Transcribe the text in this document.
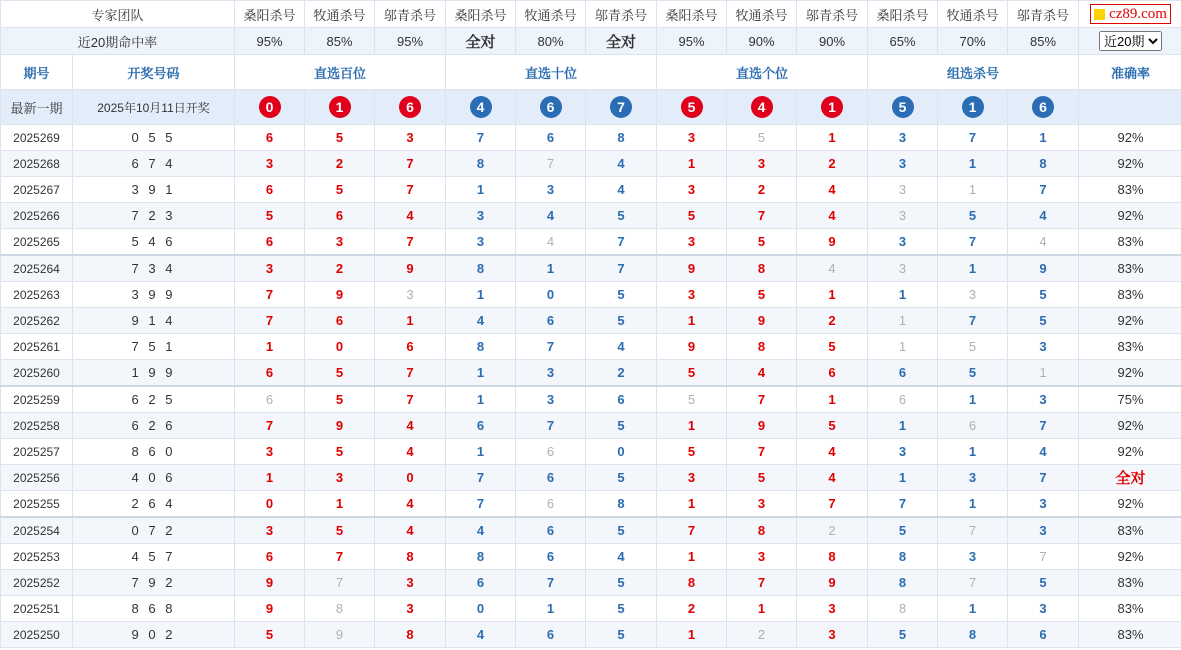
专家团队		桑阳杀号	牧通杀号	邬青杀号	桑阳杀号	牧通杀号	邬青杀号	桑阳杀号	牧通杀号	邬青杀号	桑阳杀号	牧通杀号	邬青杀号	cz89.com

近20期命中率		95%	85%	95%	全对	80%	全对	95%	90%	90%	65%	70%	85%	
近20期
期号	开奖号码	直选百位			直选十位			直选个位			组选杀号			准确率
最新一期	2025年10月11日开奖	0	1	6	4	6	7	5	4	1	5	1	6	
2025269	0 5 5	6	5	3	7	6	8	3	5	1	3	7	1	92%
2025268	6 7 4	3	2	7	8	7	4	1	3	2	3	1	8	92%
2025267	3 9 1	6	5	7	1	3	4	3	2	4	3	1	7	83%
2025266	7 2 3	5	6	4	3	4	5	5	7	4	3	5	4	92%
2025265	5 4 6	6	3	7	3	4	7	3	5	9	3	7	4	83%
2025264	7 3 4	3	2	9	8	1	7	9	8	4	3	1	9	83%
2025263	3 9 9	7	9	3	1	0	5	3	5	1	1	3	5	83%
2025262	9 1 4	7	6	1	4	6	5	1	9	2	1	7	5	92%
2025261	7 5 1	1	0	6	8	7	4	9	8	5	1	5	3	83%
2025260	1 9 9	6	5	7	1	3	2	5	4	6	6	5	1	92%
2025259	6 2 5	6	5	7	1	3	6	5	7	1	6	1	3	75%
2025258	6 2 6	7	9	4	6	7	5	1	9	5	1	6	7	92%
2025257	8 6 0	3	5	4	1	6	0	5	7	4	3	1	4	92%
2025256	4 0 6	1	3	0	7	6	5	3	5	4	1	3	7	全对
2025255	2 6 4	0	1	4	7	6	8	1	3	7	7	1	3	92%
2025254	0 7 2	3	5	4	4	6	5	7	8	2	5	7	3	83%
2025253	4 5 7	6	7	8	8	6	4	1	3	8	8	3	7	92%
2025252	7 9 2	9	7	3	6	7	5	8	7	9	8	7	5	83%
2025251	8 6 8	9	8	3	0	1	5	2	1	3	8	1	3	83%
2025250	9 0 2	5	9	8	4	6	5	1	2	3	5	8	6	83%
